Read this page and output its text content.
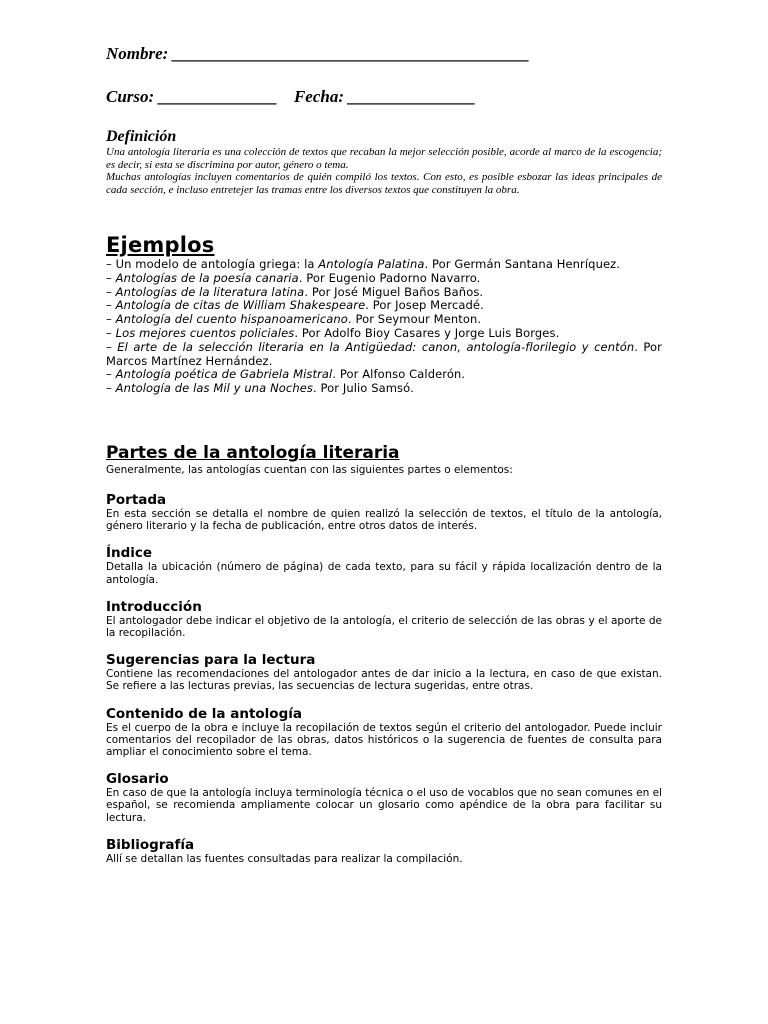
Nombre: __________________________________________
Curso: ______________ Fecha: _______________
Definición

Una antología literaria es una colección de textos que recaban la mejor selección posible, acorde al marco de la escogencia; es decir, si esta se discrimina por autor, género o tema.

Muchas antologías incluyen comentarios de quién compiló los textos. Con esto, es posible esbozar las ideas principales de cada sección, e incluso entretejer las tramas entre los diversos textos que constituyen la obra.

Ejemplos
– Un modelo de antología griega: la Antología Palatina. Por Germán Santana Henríquez.
– Antologías de la poesía canaria. Por Eugenio Padorno Navarro.
– Antologías de la literatura latina. Por José Miguel Baños Baños.
– Antología de citas de William Shakespeare. Por Josep Mercadé.
– Antología del cuento hispanoamericano. Por Seymour Menton.
– Los mejores cuentos policiales. Por Adolfo Bioy Casares y Jorge Luis Borges.
– El arte de la selección literaria en la Antigüedad: canon, antología-florilegio y centón. Por Marcos Martínez Hernández.
– Antología poética de Gabriela Mistral. Por Alfonso Calderón.
– Antología de las Mil y una Noches. Por Julio Samsó.
Partes de la antología literaria

Generalmente, las antologías cuentan con las siguientes partes o elementos:

Portada

En esta sección se detalla el nombre de quien realizó la selección de textos, el título de la antología, género literario y la fecha de publicación, entre otros datos de interés.

Índice

Detalla la ubicación (número de página) de cada texto, para su fácil y rápida localización dentro de la antología.

Introducción

El antologador debe indicar el objetivo de la antología, el criterio de selección de las obras y el aporte de la recopilación.

Sugerencias para la lectura

Contiene las recomendaciones del antologador antes de dar inicio a la lectura, en caso de que existan. Se refiere a las lecturas previas, las secuencias de lectura sugeridas, entre otras.

Contenido de la antología

Es el cuerpo de la obra e incluye la recopilación de textos según el criterio del antologador. Puede incluir comentarios del recopilador de las obras, datos históricos o la sugerencia de fuentes de consulta para ampliar el conocimiento sobre el tema.

Glosario

En caso de que la antología incluya terminología técnica o el uso de vocablos que no sean comunes en el español, se recomienda ampliamente colocar un glosario como apéndice de la obra para facilitar su lectura.

Bibliografía

Allí se detallan las fuentes consultadas para realizar la compilación.
